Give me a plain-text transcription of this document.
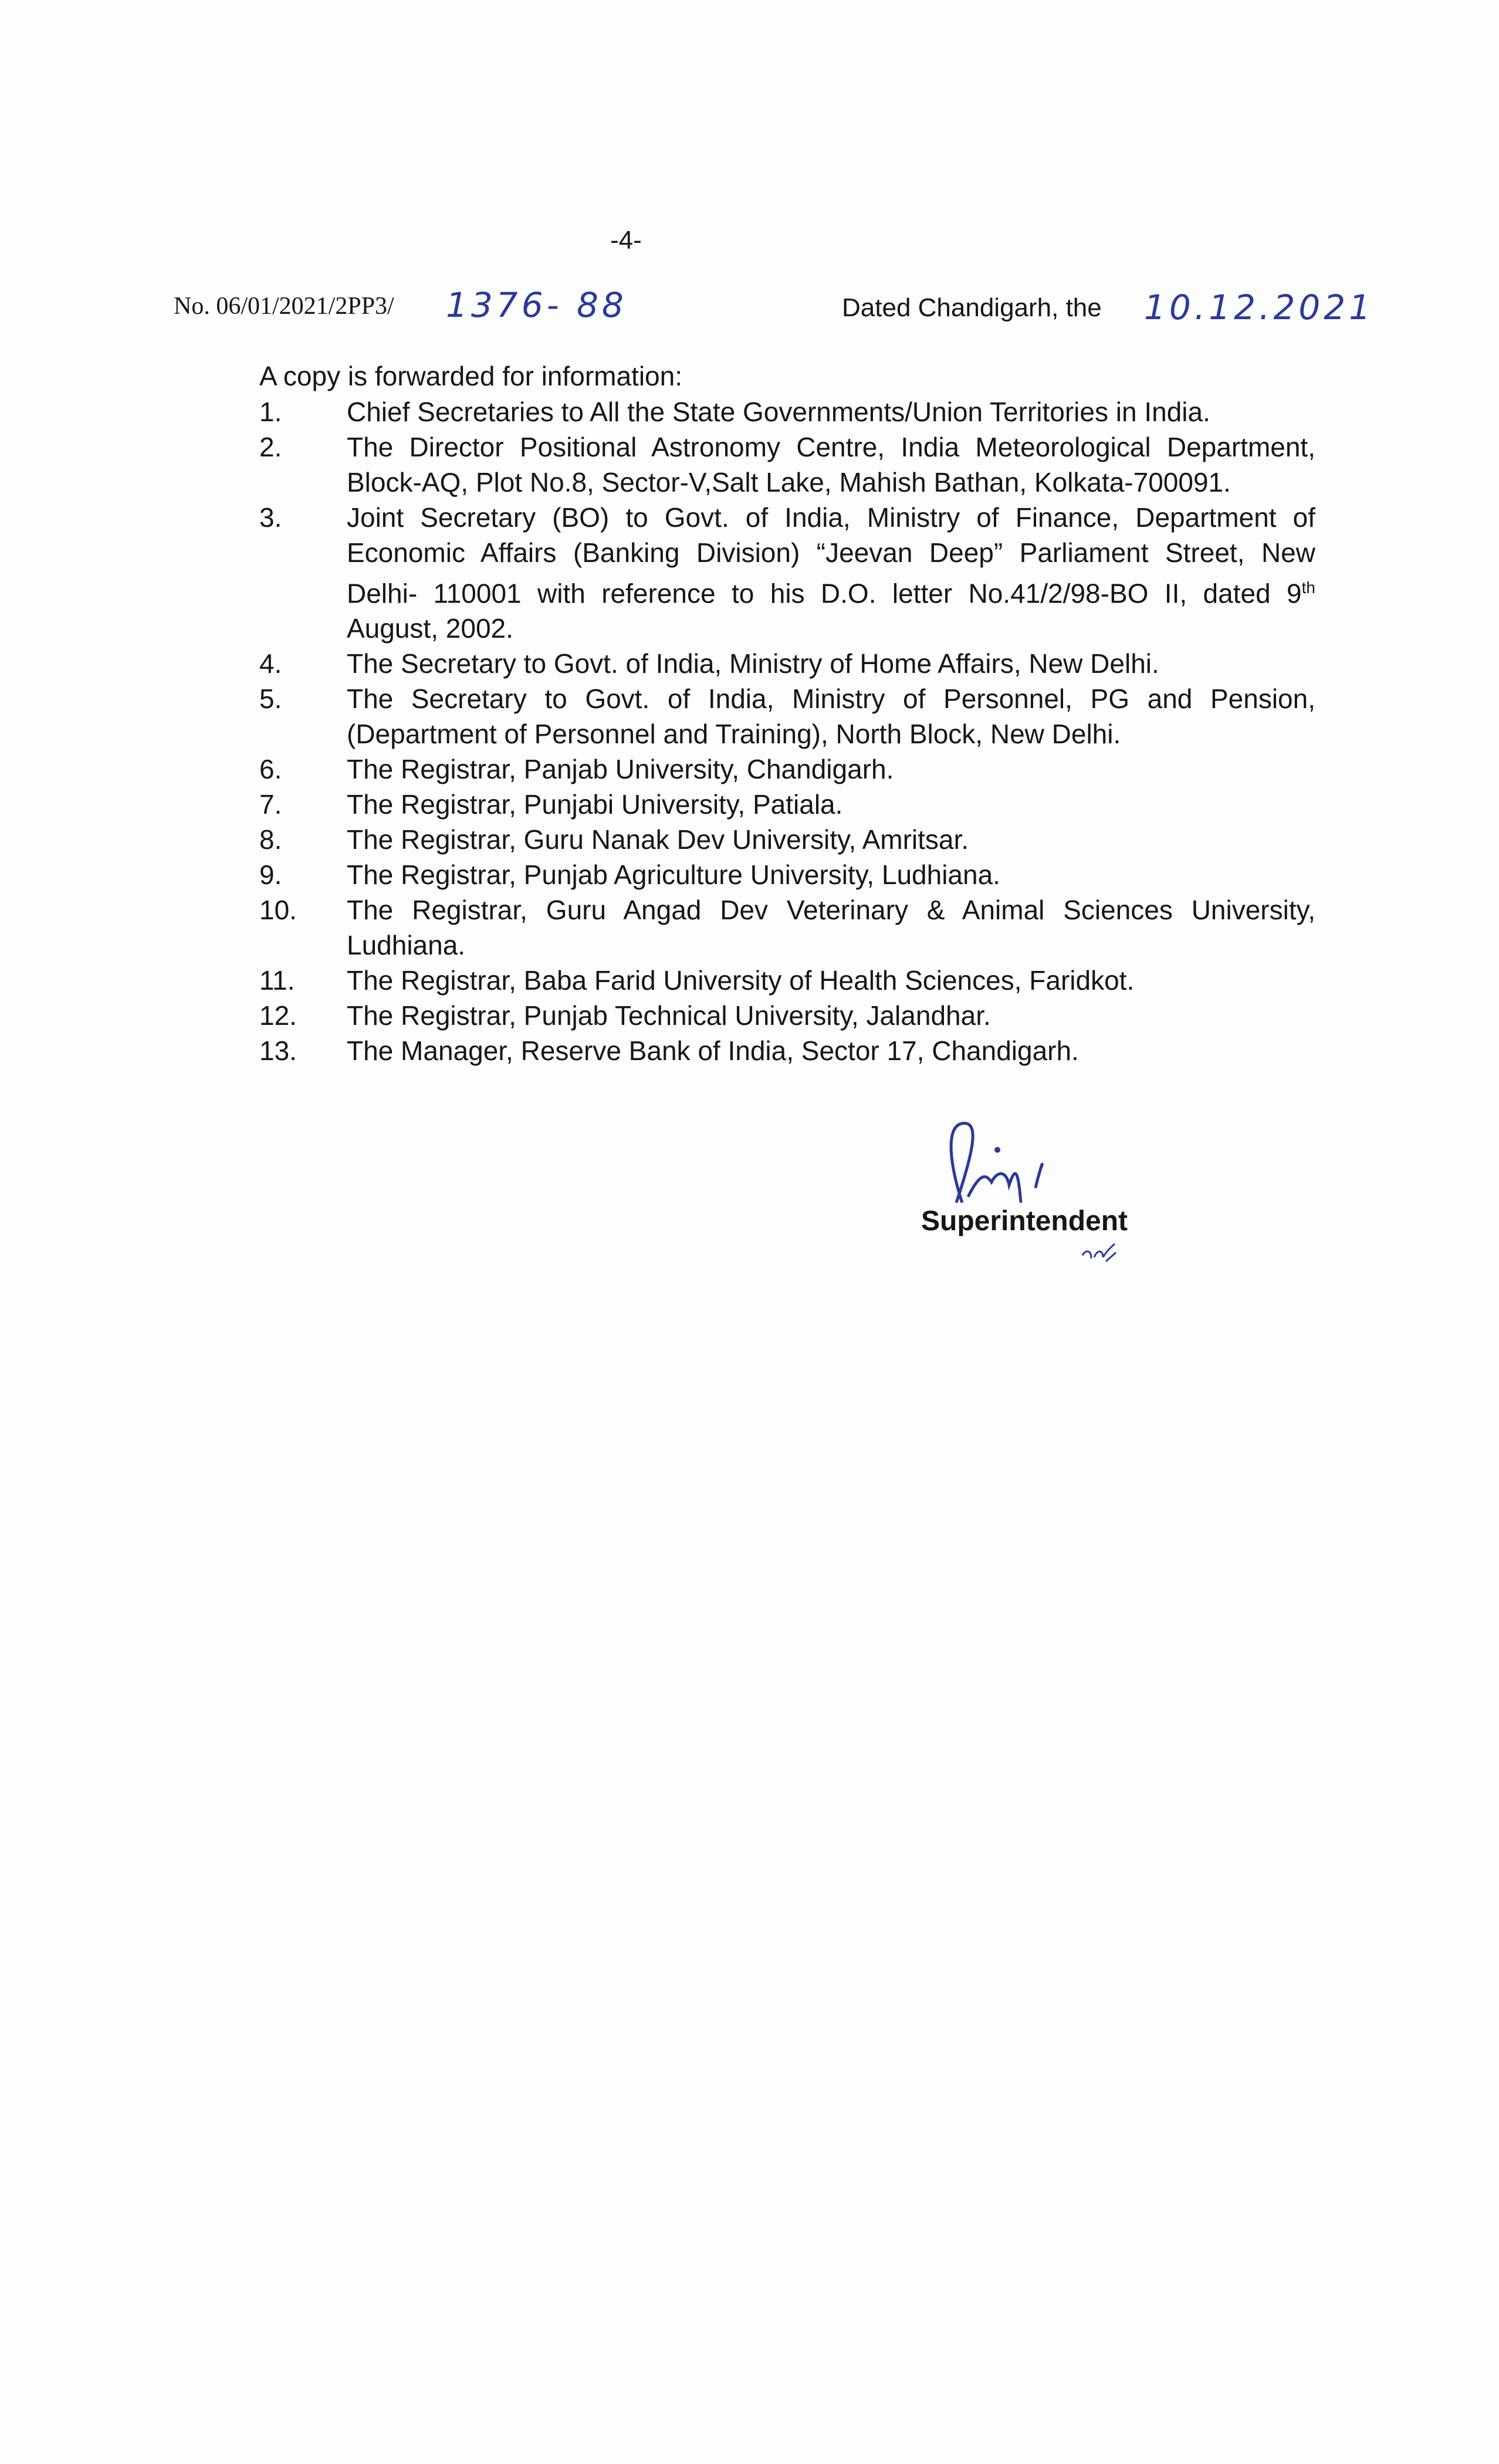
-4-
No. 06/01/2021/2PP3/ 1376- 88	Dated Chandigarh, the 10.12.2021
A copy is forwarded for information:
1.	Chief Secretaries to All the State Governments/Union Territories in India.
2.	The Director Positional Astronomy Centre, India Meteorological Department, Block-AQ, Plot No.8, Sector-V,Salt Lake, Mahish Bathan, Kolkata-700091.
3.	Joint Secretary (BO) to Govt. of India, Ministry of Finance, Department of Economic Affairs (Banking Division) “Jeevan Deep” Parliament Street, New Delhi- 110001 with reference to his D.O. letter No.41/2/98-BO II, dated 9th August, 2002.
4.	The Secretary to Govt. of India, Ministry of Home Affairs, New Delhi.
5.	The Secretary to Govt. of India, Ministry of Personnel, PG and Pension, (Department of Personnel and Training), North Block, New Delhi.
6.	The Registrar, Panjab University, Chandigarh.
7.	The Registrar, Punjabi University, Patiala.
8.	The Registrar, Guru Nanak Dev University, Amritsar.
9.	The Registrar, Punjab Agriculture University, Ludhiana.
10.	The Registrar, Guru Angad Dev Veterinary & Animal Sciences University, Ludhiana.
11.	The Registrar, Baba Farid University of Health Sciences, Faridkot.
12.	The Registrar, Punjab Technical University, Jalandhar.
13.	The Manager, Reserve Bank of India, Sector 17, Chandigarh.
Superintendent
